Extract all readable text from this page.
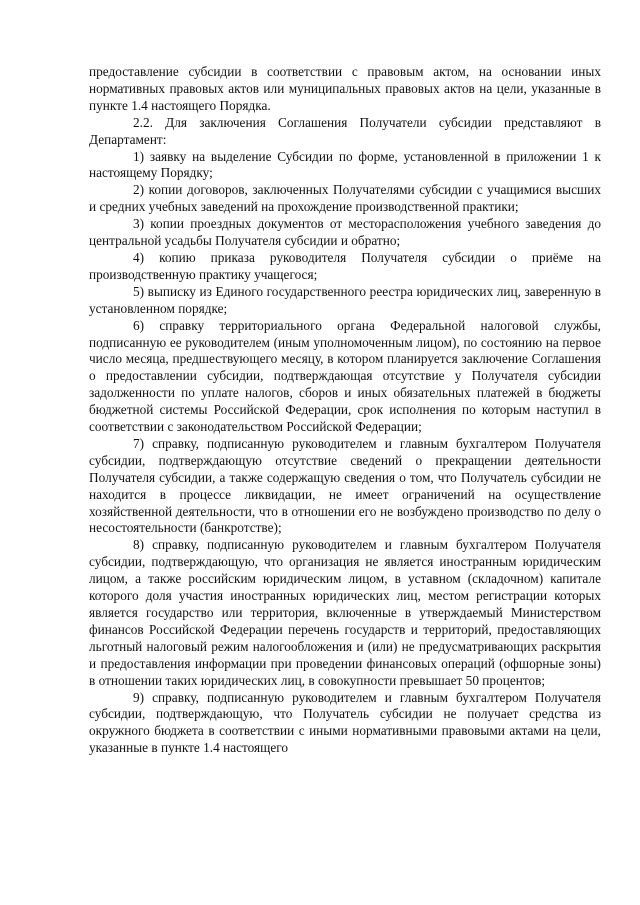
предоставление субсидии в соответствии с правовым актом, на основании иных нормативных правовых актов или муниципальных правовых актов на цели, указанные в пункте 1.4 настоящего Порядка.

2.2. Для заключения Соглашения Получатели субсидии представляют в Департамент:

1) заявку на выделение Субсидии по форме, установленной в приложении 1 к настоящему Порядку;

2) копии договоров, заключенных Получателями субсидии с учащимися высших и средних учебных заведений на прохождение производственной практики;

3) копии проездных документов от месторасположения учебного заведения до центральной усадьбы Получателя субсидии и обратно;

4) копию приказа руководителя Получателя субсидии о приёме на производственную практику учащегося;

5) выписку из Единого государственного реестра юридических лиц, заверенную в установленном порядке;

6) справку территориального органа Федеральной налоговой службы, подписанную ее руководителем (иным уполномоченным лицом), по состоянию на первое число месяца, предшествующего месяцу, в котором планируется заключение Соглашения о предоставлении субсидии, подтверждающая отсутствие у Получателя субсидии задолженности по уплате налогов, сборов и иных обязательных платежей в бюджеты бюджетной системы Российской Федерации, срок исполнения по которым наступил в соответствии с законодательством Российской Федерации;

7) справку, подписанную руководителем и главным бухгалтером Получателя субсидии, подтверждающую отсутствие сведений о прекращении деятельности Получателя субсидии, а также содержащую сведения о том, что Получатель субсидии не находится в процессе ликвидации, не имеет ограничений на осуществление хозяйственной деятельности, что в отношении его не возбуждено производство по делу о несостоятельности (банкротстве);

8) справку, подписанную руководителем и главным бухгалтером Получателя субсидии, подтверждающую, что организация не является иностранным юридическим лицом, а также российским юридическим лицом, в уставном (складочном) капитале которого доля участия иностранных юридических лиц, местом регистрации которых является государство или территория, включенные в утверждаемый Министерством финансов Российской Федерации перечень государств и территорий, предоставляющих льготный налоговый режим налогообложения и (или) не предусматривающих раскрытия и предоставления информации при проведении финансовых операций (офшорные зоны) в отношении таких юридических лиц, в совокупности превышает 50 процентов;

9) справку, подписанную руководителем и главным бухгалтером Получателя субсидии, подтверждающую, что Получатель субсидии не получает средства из окружного бюджета в соответствии с иными нормативными правовыми актами на цели, указанные в пункте 1.4 настоящего
